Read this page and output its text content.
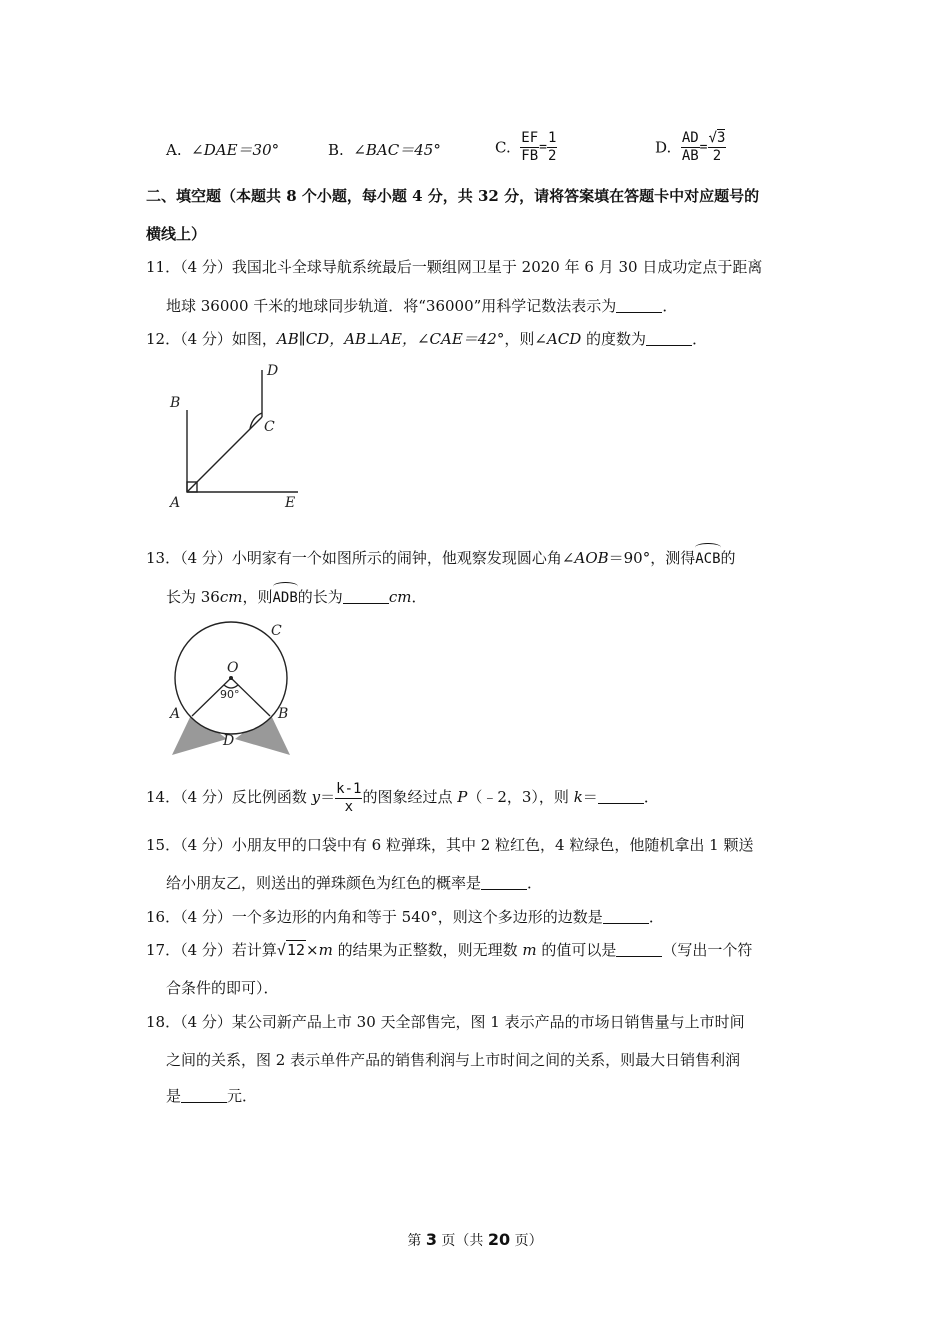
A. ∠DAE＝30°	B. ∠BAC＝45°	C. $\frac{EF}{FB} = \frac{1}{2}$	D. $\frac{AD}{AB} = \frac{√3}{2}$
二、填空题（本题共 8 个小题，每小题 4 分，共 32 分，请将答案填在答题卡中对应题号的
横线上）
11．（4 分）我国北斗全球导航系统最后一颗组网卫星于 2020 年 6 月 30 日成功定点于距离
地球 36000 千米的地球同步轨道．将“36000”用科学记数法表示为	．
12．（4 分）如图，AB∥CD，AB⊥AE，∠CAE＝42°，则∠ACD 的度数为	．
B
D
C
A	E
13．（4 分）小明家有一个如图所示的闹钟，他观察发现圆心角∠AOB＝90°，测得ACB的
长为 36cm，则ADB的长为	cm．
C
O
A	B
D
90°
14．（4 分）反比例函数 $y= \frac{k-1}{x}$ 的图象经过点 P（﹣2，3），则 k＝	．
15．（4 分）小朋友甲的口袋中有 6 粒弹珠，其中 2 粒红色，4 粒绿色，他随机拿出 1 颗送
给小朋友乙，则送出的弹珠颜色为红色的概率是	．
16．（4 分）一个多边形的内角和等于 540°，则这个多边形的边数是	．
17．（4 分）若计算√12×m 的结果为正整数，则无理数 m 的值可以是	（写出一个符
合条件的即可）．
18．（4 分）某公司新产品上市 30 天全部售完，图 1 表示产品的市场日销售量与上市时间
之间的关系，图 2 表示单件产品的销售利润与上市时间之间的关系，则最大日销售利润
是	元．
第 3 页（共 20 页）
